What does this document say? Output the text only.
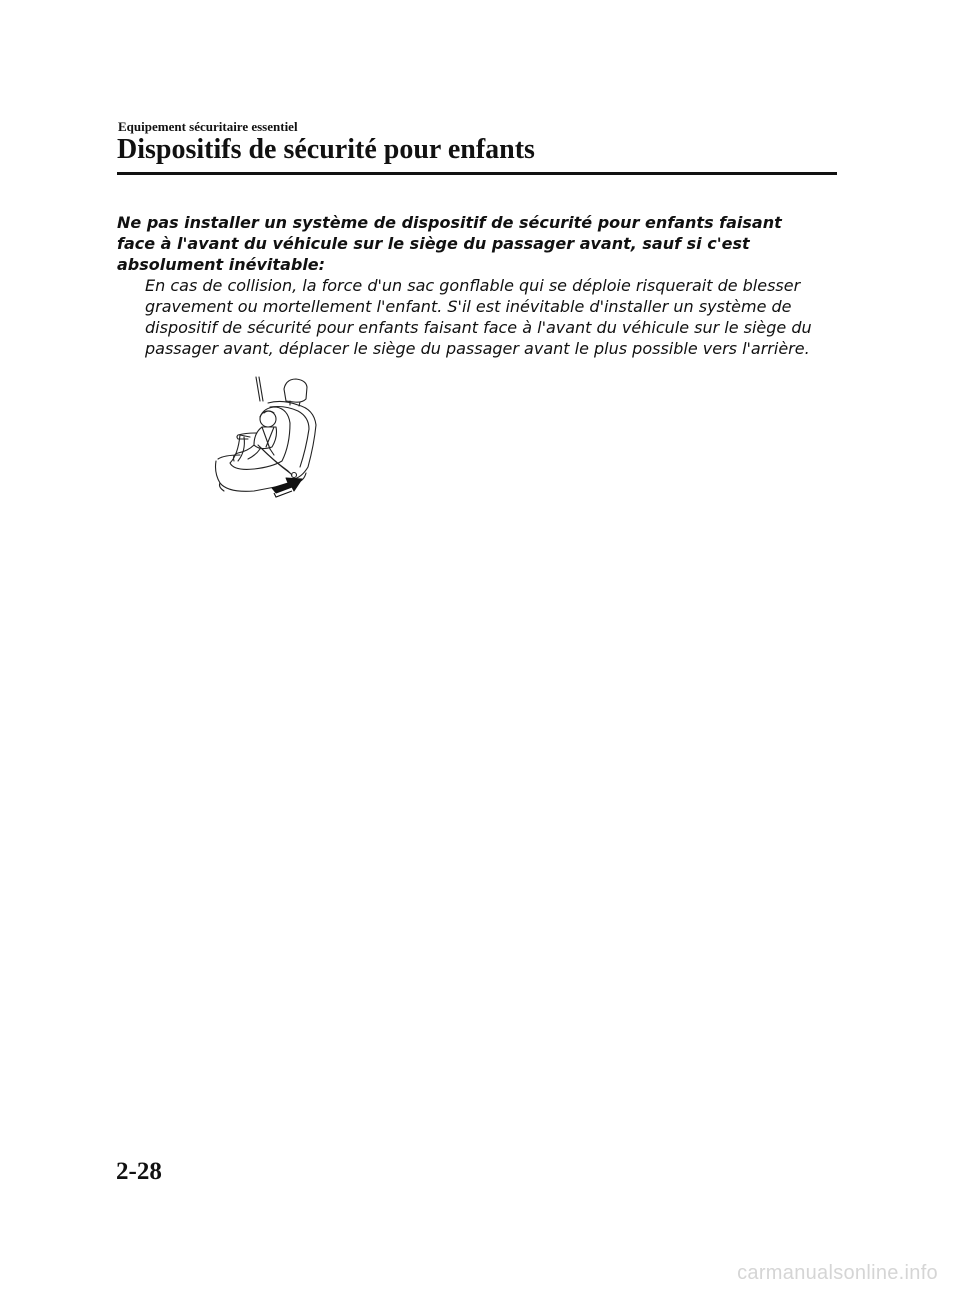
Equipement sécuritaire essentiel
Dispositifs de sécurité pour enfants
Ne pas installer un système de dispositif de sécurité pour enfants faisant face à l'avant du véhicule sur le siège du passager avant, sauf si c'est absolument inévitable:
En cas de collision, la force d'un sac gonflable qui se déploie risquerait de blesser gravement ou mortellement l'enfant. S'il est inévitable d'installer un système de dispositif de sécurité pour enfants faisant face à l'avant du véhicule sur le siège du passager avant, déplacer le siège du passager avant le plus possible vers l'arrière.
2-28
carmanualsonline.info
